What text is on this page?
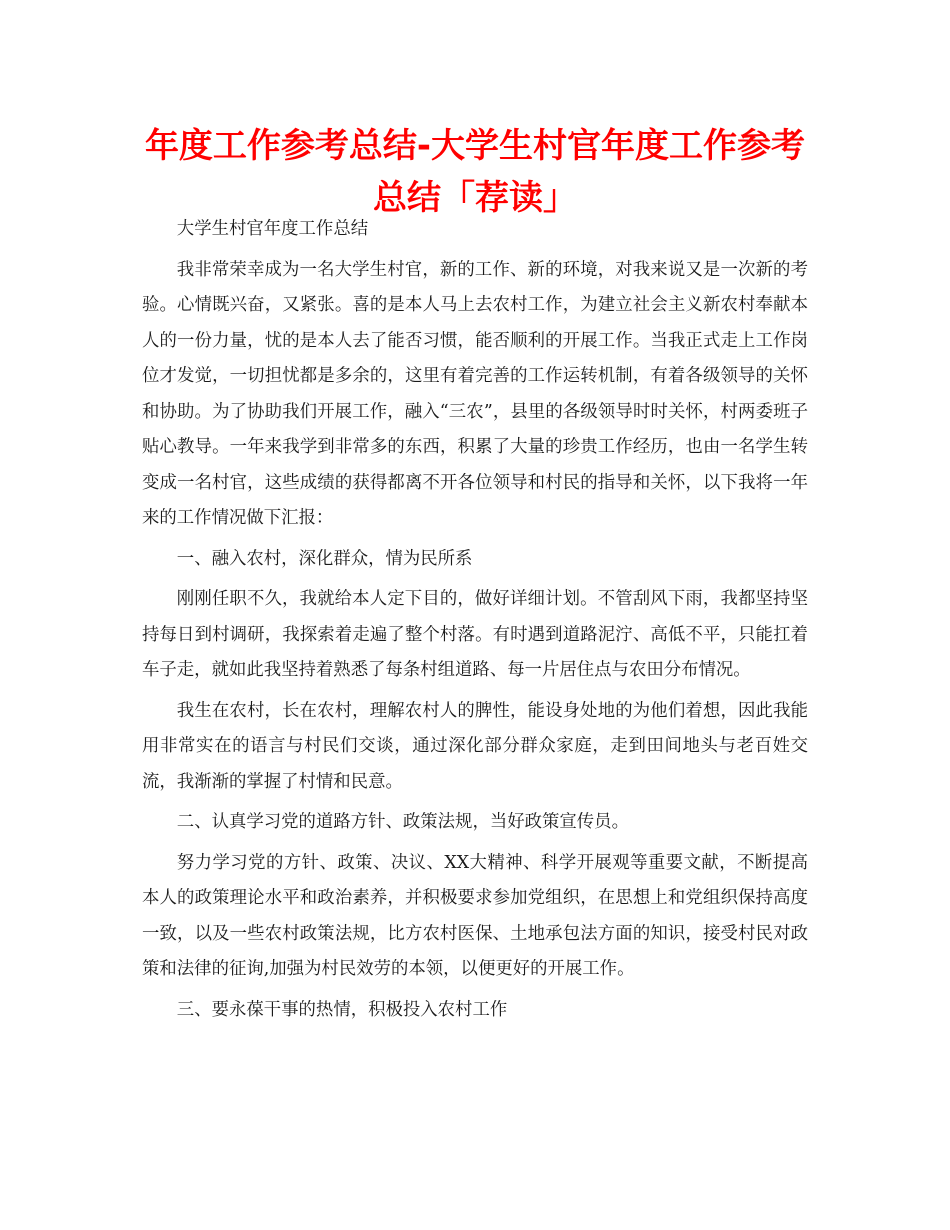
年度工作参考总结-大学生村官年度工作参考总结「荐读」

大学生村官年度工作总结

我非常荣幸成为一名大学生村官，新的工作、新的环境，对我来说又是一次新的考验。心情既兴奋，又紧张。喜的是本人马上去农村工作，为建立社会主义新农村奉献本人的一份力量，忧的是本人去了能否习惯，能否顺利的开展工作。当我正式走上工作岗位才发觉，一切担忧都是多余的，这里有着完善的工作运转机制，有着各级领导的关怀和协助。为了协助我们开展工作，融入“三农”，县里的各级领导时时关怀，村两委班子贴心教导。一年来我学到非常多的东西，积累了大量的珍贵工作经历，也由一名学生转变成一名村官，这些成绩的获得都离不开各位领导和村民的指导和关怀，以下我将一年来的工作情况做下汇报：

一、融入农村，深化群众，情为民所系

刚刚任职不久，我就给本人定下目的，做好详细计划。不管刮风下雨，我都坚持坚持每日到村调研，我探索着走遍了整个村落。有时遇到道路泥泞、高低不平，只能扛着车子走，就如此我坚持着熟悉了每条村组道路、每一片居住点与农田分布情况。

我生在农村，长在农村，理解农村人的脾性，能设身处地的为他们着想，因此我能用非常实在的语言与村民们交谈，通过深化部分群众家庭，走到田间地头与老百姓交流，我渐渐的掌握了村情和民意。

二、认真学习党的道路方针、政策法规，当好政策宣传员。

努力学习党的方针、政策、决议、XX大精神、科学开展观等重要文献，不断提高本人的政策理论水平和政治素养，并积极要求参加党组织，在思想上和党组织保持高度一致，以及一些农村政策法规，比方农村医保、土地承包法方面的知识，接受村民对政策和法律的征询,加强为村民效劳的本领，以便更好的开展工作。

三、要永葆干事的热情，积极投入农村工作
